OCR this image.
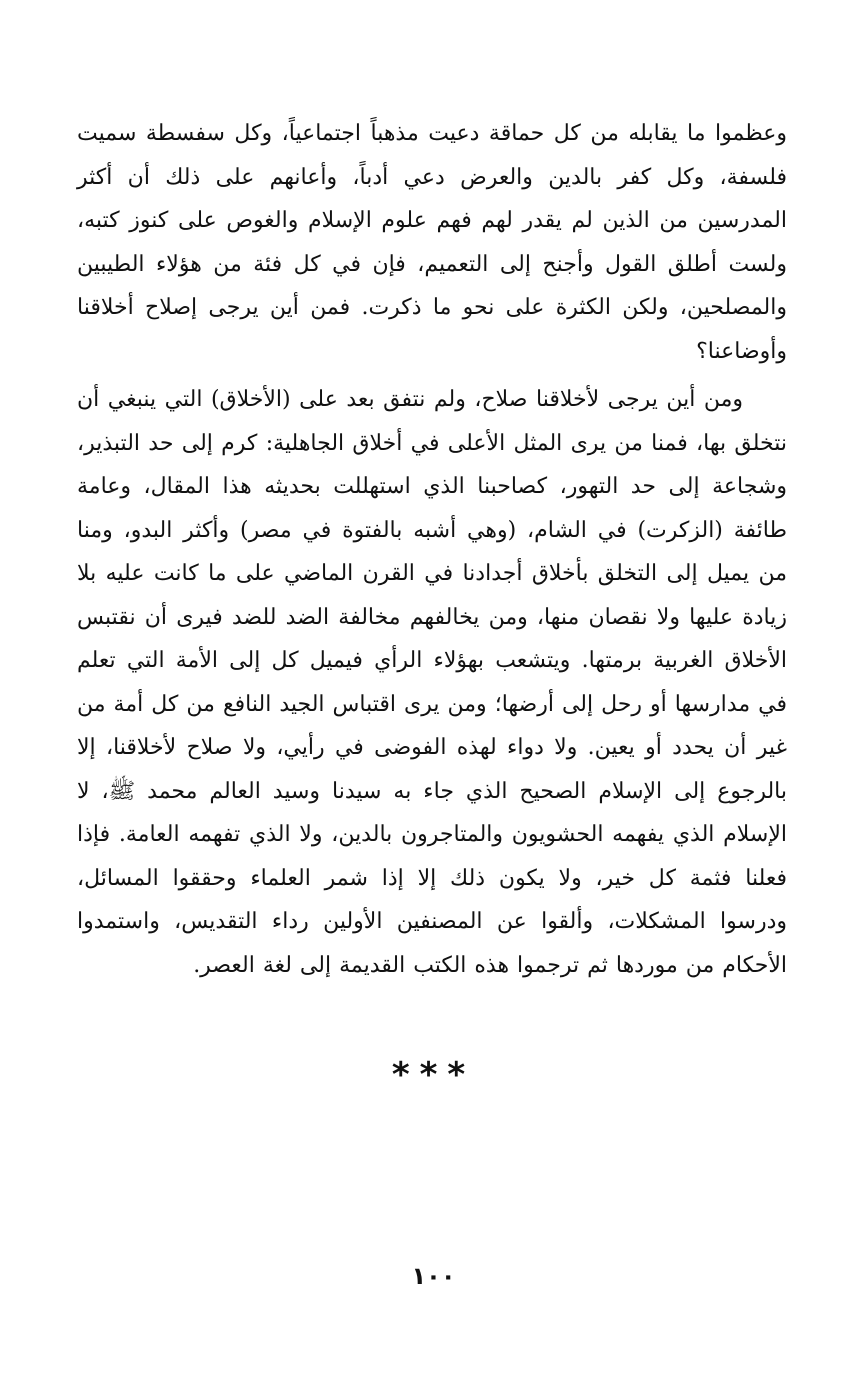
وعظموا ما يقابله من كل حماقة دعيت مذهباً اجتماعياً، وكل سفسطة سميت فلسفة، وكل كفر بالدين والعرض دعي أدباً، وأعانهم على ذلك أن أكثر المدرسين من الذين لم يقدر لهم فهم علوم الإسلام والغوص على كنوز كتبه، ولست أطلق القول وأجنح إلى التعميم، فإن في كل فئة من هؤلاء الطيبين والمصلحين، ولكن الكثرة على نحو ما ذكرت. فمن أين يرجى إصلاح أخلاقنا وأوضاعنا؟

ومن أين يرجى لأخلاقنا صلاح، ولم نتفق بعد على (الأخلاق) التي ينبغي أن نتخلق بها، فمنا من يرى المثل الأعلى في أخلاق الجاهلية: كرم إلى حد التبذير، وشجاعة إلى حد التهور، كصاحبنا الذي استهللت بحديثه هذا المقال، وعامة طائفة (الزكرت) في الشام، (وهي أشبه بالفتوة في مصر) وأكثر البدو، ومنا من يميل إلى التخلق بأخلاق أجدادنا في القرن الماضي على ما كانت عليه بلا زيادة عليها ولا نقصان منها، ومن يخالفهم مخالفة الضد للضد فيرى أن نقتبس الأخلاق الغربية برمتها. ويتشعب بهؤلاء الرأي فيميل كل إلى الأمة التي تعلم في مدارسها أو رحل إلى أرضها؛ ومن يرى اقتباس الجيد النافع من كل أمة من غير أن يحدد أو يعين. ولا دواء لهذه الفوضى في رأيي، ولا صلاح لأخلاقنا، إلا بالرجوع إلى الإسلام الصحيح الذي جاء به سيدنا وسيد العالم محمد ﷺ، لا الإسلام الذي يفهمه الحشويون والمتاجرون بالدين، ولا الذي تفهمه العامة. فإذا فعلنا فثمة كل خير، ولا يكون ذلك إلا إذا شمر العلماء وحققوا المسائل، ودرسوا المشكلات، وألقوا عن المصنفين الأولين رداء التقديس، واستمدوا الأحكام من موردها ثم ترجموا هذه الكتب القديمة إلى لغة العصر.

***
١٠٠
